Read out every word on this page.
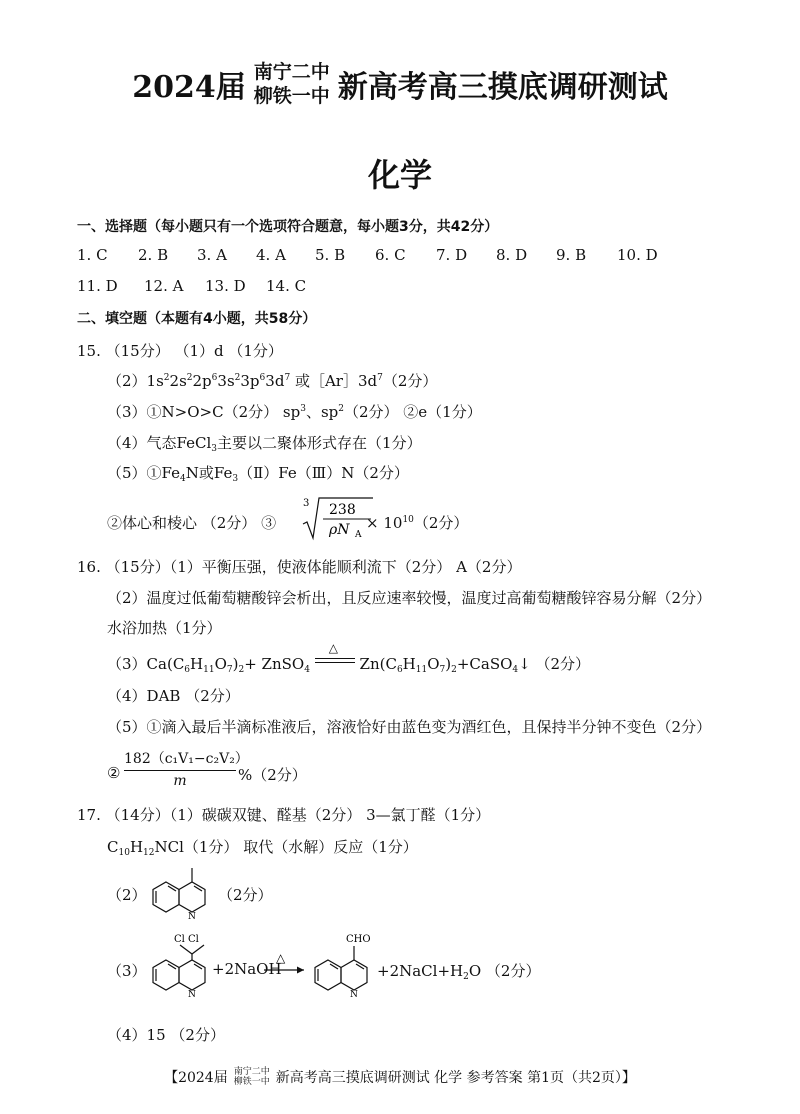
2024届 南宁二中
柳铁一中 新高考高三摸底调研测试
化学
一、选择题（每小题只有一个选项符合题意，每小题3分，共42分）
1. C 2. B 3. A 4. A 5. B 6. C 7. D 8. D 9. B 10. D
11. D 12. A 13. D 14. C
二、填空题（本题有4小题，共58分）
15. （15分） （1）d （1分）
$(2)1s^22s^22p^63s^23p^63d^7$ 或$[Ar]3d^7(2$分）
（3）①N>O>C（2分） $sp^3$、$sp^2(2$分） ②e（1分）
（4）气态FeCl$_3$主要以二聚体形式存在（1分）
$(5)①Fe_4N$或$Fe_3(Ⅱ)Fe(Ⅲ)N(2$分）
②体心和棱心 （2分） ③
3 238
ρN A
× $10^{10}(2$分）
16. （15分）（1）平衡压强，使液体能顺利流下（2分） A（2分）
（2）温度过低葡萄糖酸锌会析出，且反应速率较慢，温度过高葡萄糖酸锌容易分解（2分）
水浴加热（1分）
$(3)Ca(C_6H_{11}O_7)_2+$ ZnSO$_4$
△
$Zn(C_6H_{11}O_7)_2+CaSO_4↓$ （2分）
（4）DAB （2分）
（5）①滴入最后半滴标准液后，溶液恰好由蓝色变为酒红色，且保持半分钟不变色（2分）
② $\frac{\text{182（c₁V₁−c₂V₂）}}{m} \%(2$分）
17. （14分）（1）碳碳双键、醛基（2分） 3—氯丁醛（1分）
$C_{10}H_{12}NCl(1$分） 取代（水解）反应（1分）
（2）
N
（2分）
（3）
Cl Cl
N
+2NaOH
△
CHO
N
$+2NaCl+H_2O$ （2分）
（4）15 （2分）
【2024届 南宁二中
柳铁一中 新高考高三摸底调研测试 化学 参考答案 第1页（共2页）】
